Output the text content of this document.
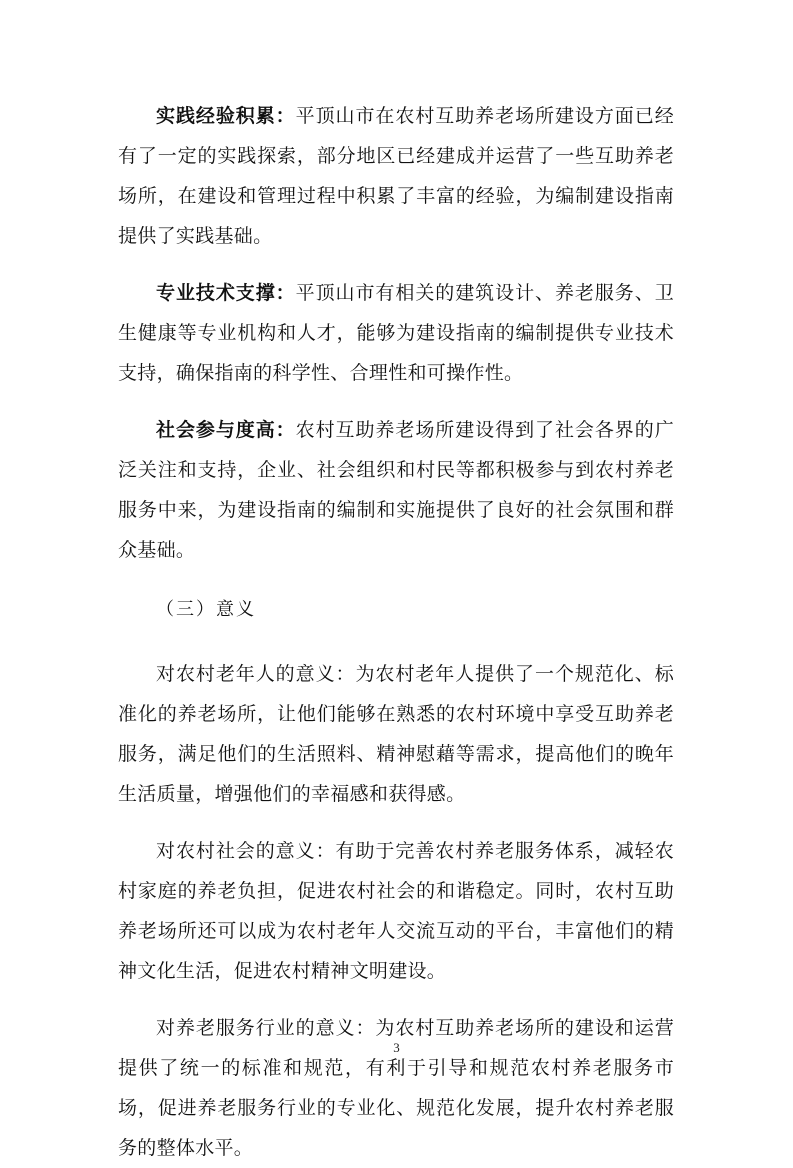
实践经验积累：平顶山市在农村互助养老场所建设方面已经有了一定的实践探索，部分地区已经建成并运营了一些互助养老场所，在建设和管理过程中积累了丰富的经验，为编制建设指南提供了实践基础。

专业技术支撑：平顶山市有相关的建筑设计、养老服务、卫生健康等专业机构和人才，能够为建设指南的编制提供专业技术支持，确保指南的科学性、合理性和可操作性。

社会参与度高：农村互助养老场所建设得到了社会各界的广泛关注和支持，企业、社会组织和村民等都积极参与到农村养老服务中来，为建设指南的编制和实施提供了良好的社会氛围和群众基础。

（三）意义

对农村老年人的意义：为农村老年人提供了一个规范化、标准化的养老场所，让他们能够在熟悉的农村环境中享受互助养老服务，满足他们的生活照料、精神慰藉等需求，提高他们的晚年生活质量，增强他们的幸福感和获得感。

对农村社会的意义：有助于完善农村养老服务体系，减轻农村家庭的养老负担，促进农村社会的和谐稳定。同时，农村互助养老场所还可以成为农村老年人交流互动的平台，丰富他们的精神文化生活，促进农村精神文明建设。

对养老服务行业的意义：为农村互助养老场所的建设和运营提供了统一的标准和规范，有利于引导和规范农村养老服务市场，促进养老服务行业的专业化、规范化发展，提升农村养老服务的整体水平。

3
